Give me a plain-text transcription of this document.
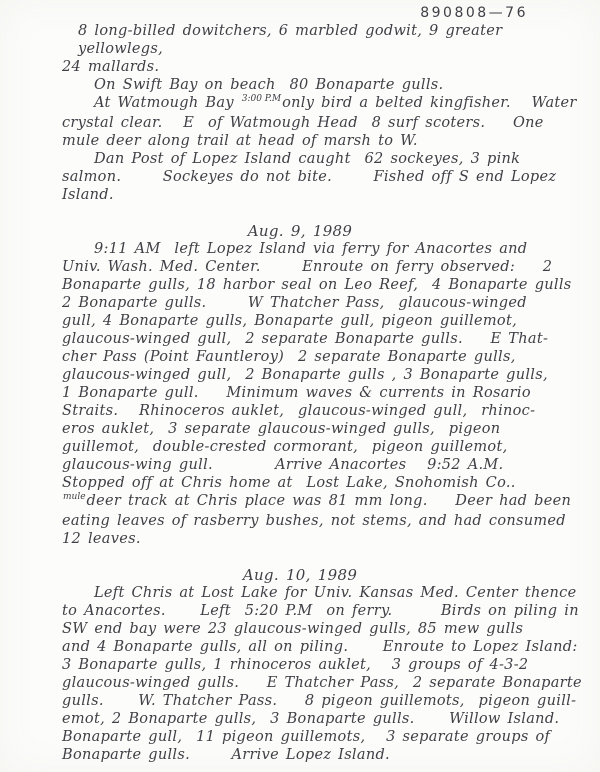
890808—76
8 long-billed dowitchers, 6 marbled godwit, 9 greater yellowlegs,
24 mallards.
On Swift Bay on beach  80 Bonaparte gulls.
At Watmough Bay $^{3:00 P.M}$only bird a belted kingfisher.   Water
crystal clear.   E  of Watmough Head  8 surf scoters.    One
mule deer along trail at head of marsh to W.
Dan Post of Lopez Island caught  62 sockeyes, 3 pink
salmon.      Sockeyes do not bite.      Fished off S end Lopez
Island.
Aug. 9, 1989
9:11 AM  left Lopez Island via ferry for Anacortes and
Univ. Wash. Med. Center.      Enroute on ferry observed:    2
Bonaparte gulls, 18 harbor seal on Leo Reef,  4 Bonaparte gulls
2 Bonaparte gulls.      W Thatcher Pass,  glaucous-winged
gull, 4 Bonaparte gulls, Bonaparte gull, pigeon guillemot,
glaucous-winged gull,  2 separate Bonaparte gulls.    E That-
cher Pass (Point Fauntleroy)  2 separate Bonaparte gulls,
glaucous-winged gull,  2 Bonaparte gulls , 3 Bonaparte gulls,
1 Bonaparte gull.    Minimum waves & currents in Rosario
Straits.   Rhinoceros auklet,  glaucous-winged gull,  rhinoc-
eros auklet,  3 separate glaucous-winged gulls,  pigeon
guillemot,  double-crested cormorant,  pigeon guillemot,
glaucous-wing gull.         Arrive Anacortes   9:52 A.M.
Stopped off at Chris home at  Lost Lake, Snohomish Co..
$^{mule}$deer track at Chris place was 81 mm long.    Deer had been
eating leaves of rasberry bushes, not stems, and had consumed
12 leaves.
Aug. 10, 1989
Left Chris at Lost Lake for Univ. Kansas Med. Center thence
to Anacortes.     Left  5:20 P.M  on ferry.       Birds on piling in
SW end bay were 23 glaucous-winged gulls, 85 mew gulls
and 4 Bonaparte gulls, all on piling.     Enroute to Lopez Island:
3 Bonaparte gulls, 1 rhinoceros auklet,   3 groups of 4-3-2
glaucous-winged gulls.    E Thatcher Pass,  2 separate Bonaparte
gulls.     W. Thatcher Pass.    8 pigeon guillemots,  pigeon guill-
emot, 2 Bonaparte gulls,  3 Bonaparte gulls.     Willow Island.
Bonaparte gull,  11 pigeon guillemots,   3 separate groups of
Bonaparte gulls.      Arrive Lopez Island.
